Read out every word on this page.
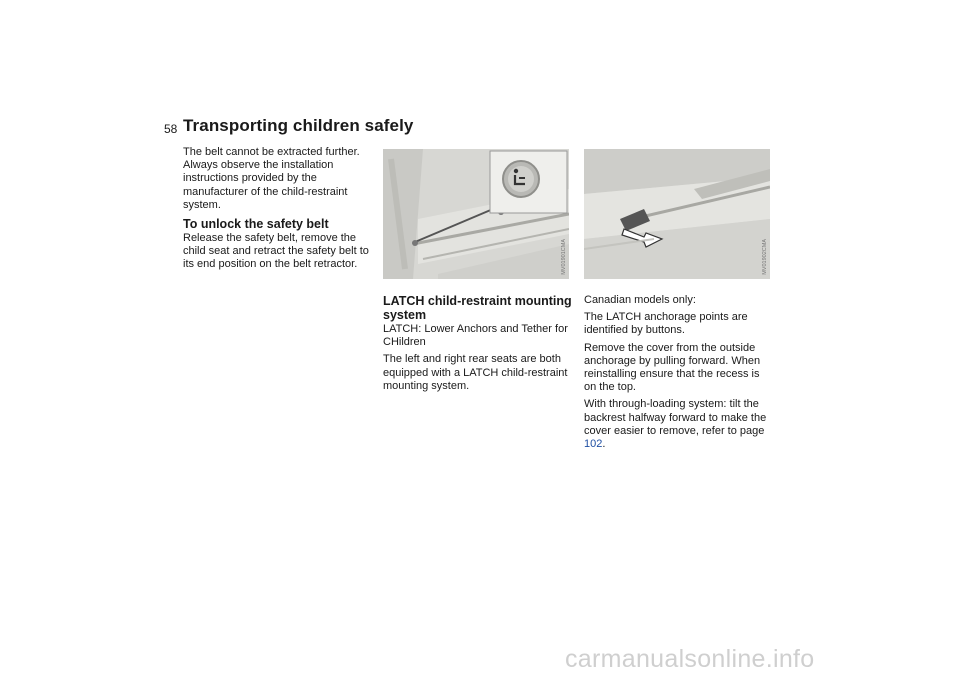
58 Transporting children safely

The belt cannot be extracted further. Always observe the installation instructions provided by the manufacturer of the child-restraint system.

To unlock the safety belt

Release the safety belt, remove the child seat and retract the safety belt to its end position on the belt retractor.	MV01901CMA	MV01902CMA
LATCH child-restraint mounting system

LATCH: Lower Anchors and Tether for CHildren

The left and right rear seats are both equipped with a LATCH child-restraint mounting system.

Canadian models only:

The LATCH anchorage points are identified by buttons.

Remove the cover from the outside anchorage by pulling forward. When reinstalling ensure that the recess is on the top.

With through-loading system: tilt the backrest halfway forward to make the cover easier to remove, refer to page 102.

carmanualsonline.info
